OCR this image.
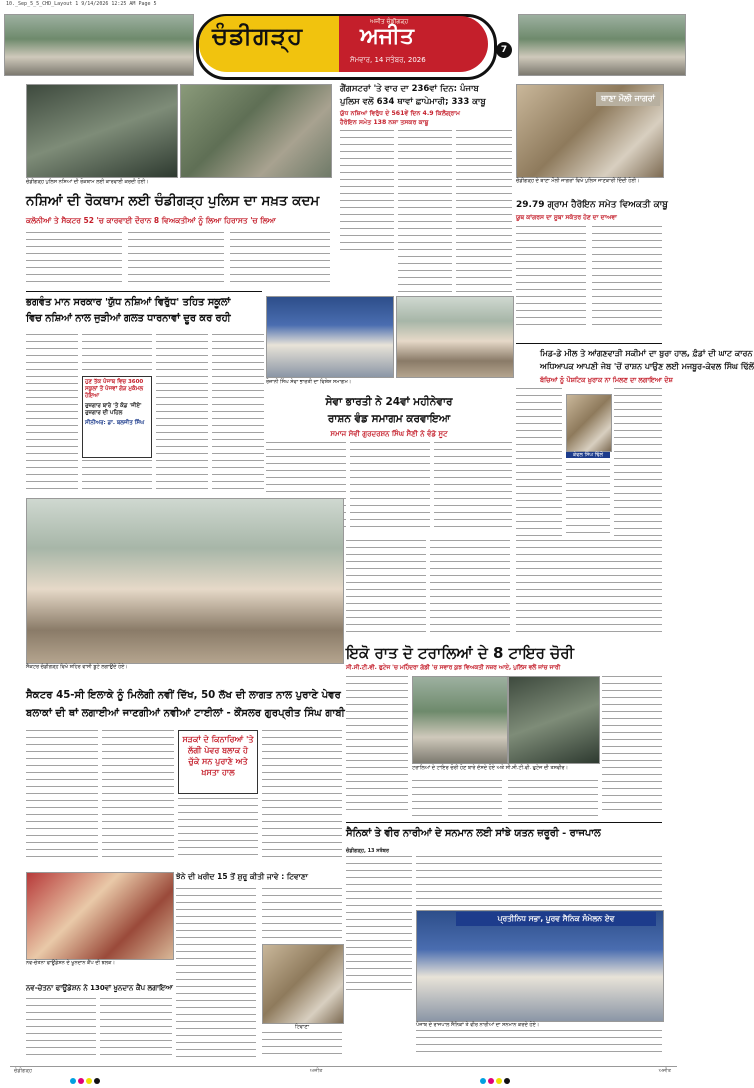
10._Sep_5_5_CHD_Layout 1 9/14/2026 12:25 AM Page 5
ਚੰਡੀਗੜ੍ਹ
ਅਜੀਤ ਚੰਡੀਗੜ੍ਹ
ਅਜੀਤ
ਸੋਮਵਾਰ, 14 ਸਤੰਬਰ, 2026
7
ਚੰਡੀਗੜ੍ਹ ਪੁਲਿਸ ਨਸ਼ਿਆਂ ਦੀ ਰੋਕਥਾਮ ਲਈ ਕਾਰਵਾਈ ਕਰਦੀ ਹੋਈ।
ਨਸ਼ਿਆਂ ਦੀ ਰੋਕਥਾਮ ਲਈ ਚੰਡੀਗੜ੍ਹ ਪੁਲਿਸ ਦਾ ਸਖ਼ਤ ਕਦਮ
ਕਲੋਨੀਆਂ ਤੇ ਸੈਕਟਰ 52 'ਚ ਕਾਰਵਾਈ ਦੌਰਾਨ 8 ਵਿਅਕਤੀਆਂ ਨੂੰ ਲਿਆ ਹਿਰਾਸਤ 'ਚ ਲਿਆ
ਗੈਂਗਸਟਰਾਂ 'ਤੇ ਵਾਰ ਦਾ 236ਵਾਂ ਦਿਨ: ਪੰਜਾਬ
ਪੁਲਿਸ ਵਲੋਂ 634 ਥਾਵਾਂ ਛਾਪੇਮਾਰੀ; 333 ਕਾਬੂ
ਯੁੱਧ ਨਸ਼ਿਆਂ ਵਿਰੁੱਧ ਦੇ 561ਵੇਂ ਦਿਨ 4.9 ਕਿਲੋਗ੍ਰਾਮ
ਹੈਰੋਇਨ ਸਮੇਤ 138 ਨਸ਼ਾ ਤਸਕਰ ਕਾਬੂ
ਥਾਣਾ ਮੌਲੀ ਜਾਗਰਾਂ
ਚੰਡੀਗੜ੍ਹ ਦੇ ਥਾਣਾ ਮੌਲੀ ਜਾਗਰਾਂ ਵਿਖੇ ਪੁਲਿਸ ਜਾਣਕਾਰੀ ਦਿੰਦੀ ਹੋਈ।
29.79 ਗ੍ਰਾਮ ਹੈਰੋਇਨ ਸਮੇਤ ਵਿਅਕਤੀ ਕਾਬੂ
ਯੂਥ ਕਾਂਗਰਸ ਦਾ ਸੂਬਾ ਸਕੱਤਰ ਹੋਣ ਦਾ ਦਾਅਵਾ
ਭਗਵੰਤ ਮਾਨ ਸਰਕਾਰ 'ਯੁੱਧ ਨਸ਼ਿਆਂ ਵਿਰੁੱਧ' ਤਹਿਤ ਸਕੂਲਾਂ
ਵਿਚ ਨਸ਼ਿਆਂ ਨਾਲ ਜੁੜੀਆਂ ਗਲਤ ਧਾਰਨਾਵਾਂ ਦੂਰ ਕਰ ਰਹੀ
ਹੁਣ ਤੱਕ ਪੰਜਾਬ ਵਿਚ 3600 ਸਕੂਲਾਂ ਤੋਂ ਪੰਜਵਾਂ ਗੇੜ ਮੁਕੰਮਲ ਹੋਇਆ
ਰੁਜ਼ਗਾਰ ਬਾਰੇ 'ਤੇ ਕੋਡ 'ਜੀਏ' ਰੁਜ਼ਗਾਰ ਦੀ ਪਹਿਲ
ਸੀਨੀਅਰ: ਡਾ. ਬਲਜੀਤ ਸਿੰਘ
ਰੋਜ਼ਾਨੀ ਸਿੰਘ ਸੇਵਾ ਭਾਰਤੀ ਦਾ ਵਿਸ਼ੇਸ਼ ਸਮਾਗਮ।
ਸੇਵਾ ਭਾਰਤੀ ਨੇ 24ਵਾਂ ਮਹੀਨੇਵਾਰ
ਰਾਸ਼ਨ ਵੰਡ ਸਮਾਗਮ ਕਰਵਾਇਆ
ਸਮਾਜ ਸੇਵੀ ਗੁਰਦਰਸ਼ਨ ਸਿੰਘ ਸੈਣੀ ਨੇ ਵੰਡੇ ਸੂਟ
ਮਿਡ-ਡੇ ਮੀਲ ਤੇ ਆਂਗਣਵਾੜੀ ਸਕੀਮਾਂ ਦਾ ਬੁਰਾ ਹਾਲ, ਫ਼ੰਡਾਂ ਦੀ ਘਾਟ ਕਾਰਨ
ਅਧਿਆਪਕ ਆਪਣੀ ਜੇਬ 'ਚੋਂ ਰਾਸ਼ਨ ਪਾਉਣ ਲਈ ਮਜਬੂਰ-ਕੇਵਲ ਸਿੰਘ ਢਿੱਲੋਂ
ਬੱਚਿਆਂ ਨੂੰ ਪੌਸ਼ਟਿਕ ਖ਼ੁਰਾਕ ਨਾ ਮਿਲਣ ਦਾ ਲਗਾਇਆ ਦੋਸ਼
ਕੇਵਲ ਸਿੰਘ ਢਿੱਲੋਂ
ਸੈਕਟਰ ਚੰਡੀਗੜ੍ਹ ਵਿਖੇ ਸ਼ਹਿਰ ਵਾਸੀ ਬੂਟੇ ਲਗਾਉਂਦੇ ਹੋਏ।
ਇਕੋ ਰਾਤ ਦੋ ਟਰਾਲਿਆਂ ਦੇ 8 ਟਾਇਰ ਚੋਰੀ
ਸੀ.ਸੀ.ਟੀ.ਵੀ. ਫੁਟੇਜ 'ਚ ਮਹਿੰਦਰਾ ਗੱਡੀ 'ਚ ਸਵਾਰ ਕੁਝ ਵਿਅਕਤੀ ਨਜ਼ਰ ਆਏ, ਪੁਲਿਸ ਵਲੋਂ ਜਾਂਚ ਜਾਰੀ
ਟਰਾਲਿਆਂ ਦੇ ਟਾਇਰ ਚੋਰੀ ਹੋਣ ਬਾਰੇ ਦੱਸਦੇ ਹੋਏ ਅਤੇ ਸੀ.ਸੀ.ਟੀ.ਵੀ. ਫੁਟੇਜ ਦੀ ਤਸਵੀਰ।
ਸੈਕਟਰ 45-ਸੀ ਇਲਾਕੇ ਨੂੰ ਮਿਲੇਗੀ ਨਵੀਂ ਦਿੱਖ, 50 ਲੱਖ ਦੀ ਲਾਗਤ ਨਾਲ ਪੁਰਾਣੇ ਪੇਵਰ
ਬਲਾਕਾਂ ਦੀ ਥਾਂ ਲਗਾਈਆਂ ਜਾਣਗੀਆਂ ਨਵੀਆਂ ਟਾਈਲਾਂ - ਕੌਂਸਲਰ ਗੁਰਪ੍ਰੀਤ ਸਿੰਘ ਗਾਬੀ
ਸੜਕਾਂ ਦੇ ਕਿਨਾਰਿਆਂ 'ਤੇ ਲੱਗੀ ਪੇਵਰ ਬਲਾਕ ਹੋ ਚੁੱਕੇ ਸਨ ਪੁਰਾਣੇ ਅਤੇ ਖ਼ਸਤਾ ਹਾਲ
ਸੈਨਿਕਾਂ ਤੇ ਵੀਰ ਨਾਰੀਆਂ ਦੇ ਸਨਮਾਨ ਲਈ ਸਾਂਝੇ ਯਤਨ ਜ਼ਰੂਰੀ - ਰਾਜਪਾਲ
ਚੰਡੀਗੜ੍ਹ, 13 ਸਤੰਬਰ
ਪ੍ਰਤੀਨਿਧ ਸਭਾ, ਪੂਰਵ ਸੈਨਿਕ ਸੰਮੇਲਨ ਏਵ
ਪੰਜਾਬ ਦੇ ਰਾਜਪਾਲ ਸੈਨਿਕਾਂ ਤੇ ਵੀਰ ਨਾਰੀਆਂ ਦਾ ਸਨਮਾਨ ਕਰਦੇ ਹੋਏ।
ਨਵ-ਚੇਤਨਾ ਫਾਊਂਡੇਸ਼ਨ ਦੇ ਖੂਨਦਾਨ ਕੈਂਪ ਦੀ ਝਲਕ।
ਨਵ-ਚੇਤਨਾ ਫਾਊਂਡੇਸ਼ਨ ਨੇ 130ਵਾਂ ਖੂਨਦਾਨ ਕੈਂਪ ਲਗਾਇਆ
ਝੋਨੇ ਦੀ ਖ਼ਰੀਦ 15 ਤੋਂ ਸ਼ੁਰੂ ਕੀਤੀ ਜਾਵੇ : ਟਿਵਾਣਾ
ਟਿਵਾਣਾ
ਚੰਡੀਗੜ੍ਹ	ਅਜੀਤ	ਅਜੀਤ
